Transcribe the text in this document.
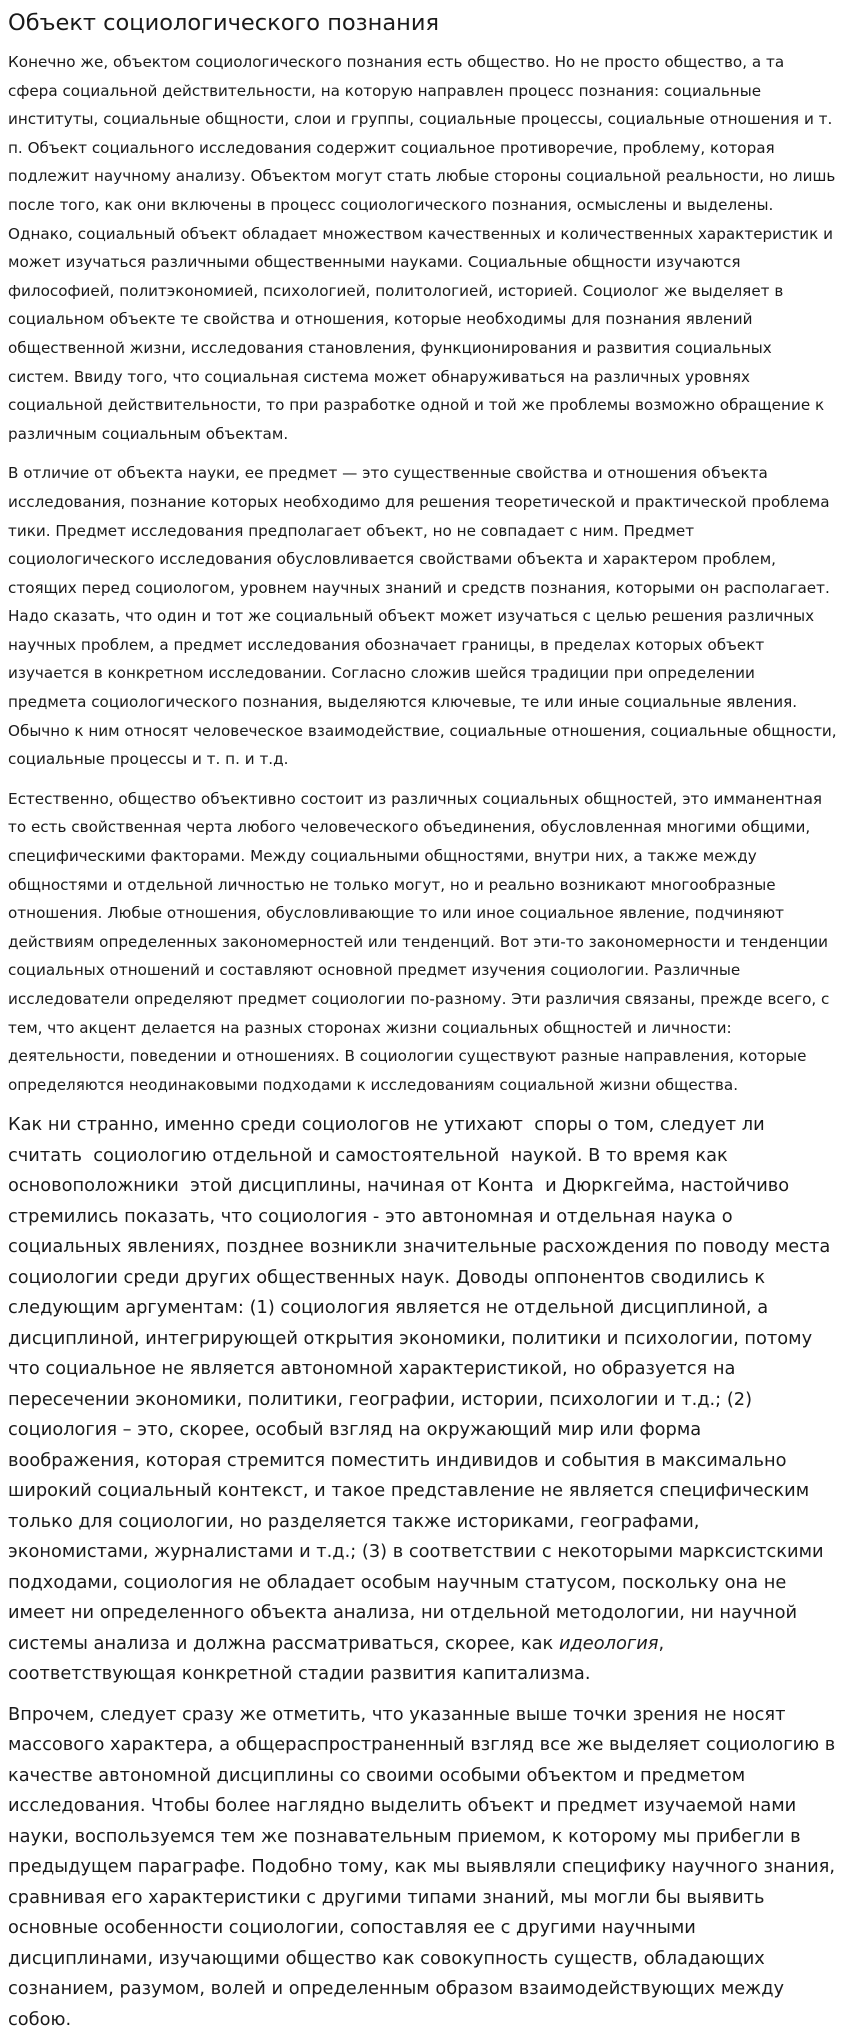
Объект социологического познания

Конечно же, объектом социологического познания есть общество. Но не просто общество, а та сфера социальной действительности, на которую направлен процесс познания: социальные институты, социальные общности, слои и группы, социальные процессы, социальные отношения и т. п. Объект социального исследования содержит социальное противоречие, проблему, которая подлежит научному анализу. Объектом могут стать любые стороны социальной реальности, но лишь после того, как они включены в процесс социологического познания, осмыслены и выделены. Однако, социальный объект обладает множеством качественных и количественных характеристик и может изучаться различными общественными науками. Социальные общности изучаются философией, политэкономией, психологией, политологией, историей. Социолог же выделяет в социальном объекте те свойства и отношения, которые необходимы для познания явлений общественной жизни, исследования становления, функционирования и развития социальных систем. Ввиду того, что социальная система может обнаруживаться на различных уровнях социальной действительности, то при разработке одной и той же проблемы возможно обращение к различным социальным объектам.

В отличие от объекта науки, ее предмет — это существенные свойства и отношения объекта исследования, познание которых необходимо для решения теоретической и практической проблема тики. Предмет исследования предполагает объект, но не совпадает с ним. Предмет социологического исследования обусловливается свойствами объекта и характером проблем, стоящих перед социологом, уровнем научных знаний и средств познания, которыми он располагает. Надо сказать, что один и тот же социальный объект может изучаться с целью решения различных научных проблем, а предмет исследования обозначает границы, в пределах которых объект изучается в конкретном исследовании. Согласно сложив шейся традиции при определении предмета социологического познания, выделяются ключевые, те или иные социальные явления. Обычно к ним относят человеческое взаимодействие, социальные отношения, социальные общности, социальные процессы и т. п. и т.д.

Естественно, общество объективно состоит из различных социальных общностей, это имманентная то есть свойственная черта любого человеческого объединения, обусловленная многими общими, специфическими факторами. Между социальными общностями, внутри них, а также между общностями и отдельной личностью не только могут, но и реально возникают многообразные отношения. Любые отношения, обусловливающие то или иное социальное явление, подчиняют действиям определенных закономерностей или тенденций. Вот эти-то закономерности и тенденции социальных отношений и составляют основной предмет изучения социологии. Различные исследователи определяют предмет социологии по-разному. Эти различия связаны, прежде всего, с тем, что акцент делается на разных сторонах жизни социальных общностей и личности: деятельности, поведении и отношениях. В социологии существуют разные направления, которые определяются неодинаковыми подходами к исследованиям социальной жизни общества.

Как ни странно, именно среди социологов не утихают  споры о том, следует ли считать  социологию отдельной и самостоятельной  наукой. В то время как основоположники  этой дисциплины, начиная от Конта  и Дюркгейма, настойчиво стремились показать, что социология - это автономная и отдельная наука о социальных явлениях, позднее возникли значительные расхождения по поводу места социологии среди других общественных наук. Доводы оппонентов сводились к следующим аргументам: (1) социология является не отдельной дисциплиной, а дисциплиной, интегрирующей открытия экономики, политики и психологии, потому что социальное не является автономной характеристикой, но образуется на пересечении экономики, политики, географии, истории, психологии и т.д.; (2) социология – это, скорее, особый взгляд на окружающий мир или форма воображения, которая стремится поместить индивидов и события в максимально широкий социальный контекст, и такое представление не является специфическим только для социологии, но разделяется также историками, географами, экономистами, журналистами и т.д.; (3) в соответствии с некоторыми марксистскими подходами, социология не обладает особым научным статусом, поскольку она не имеет ни определенного объекта анализа, ни отдельной методологии, ни научной системы анализа и должна рассматриваться, скорее, как идеология, соответствующая конкретной стадии развития капитализма.

Впрочем, следует сразу же отметить, что указанные выше точки зрения не носят массового характера, а общераспространенный взгляд все же выделяет социологию в качестве автономной дисциплины со своими особыми объектом и предметом исследования. Чтобы более наглядно выделить объект и предмет изучаемой нами науки, воспользуемся тем же познавательным приемом, к которому мы прибегли в предыдущем параграфе. Подобно тому, как мы выявляли специфику научного знания, сравнивая его характеристики с другими типами знаний, мы могли бы выявить основные особенности социологии, сопоставляя ее с другими научными дисциплинами, изучающими общество как совокупность существ, обладающих сознанием, разумом, волей и определенным образом взаимодействующих между собою.
